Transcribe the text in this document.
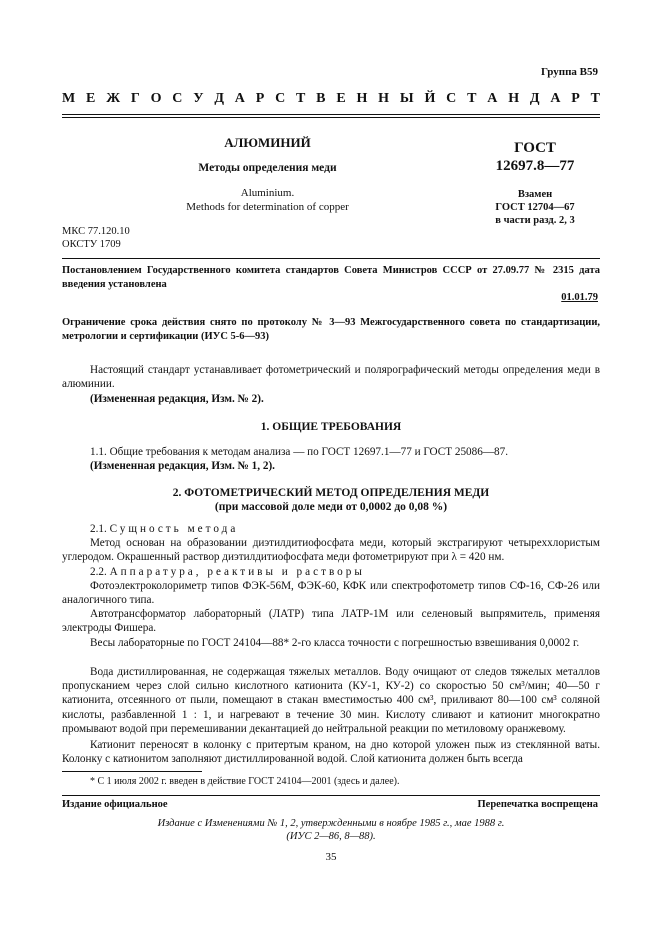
Группа В59
М Е Ж Г О С У Д А Р С Т В Е Н Н Ы Й С Т А Н Д А Р Т
АЛЮМИНИЙ
Методы определения меди
Aluminium.
Methods for determination of copper
ГОСТ
12697.8—77
Взамен
ГОСТ 12704—67
в части разд. 2, 3
МКС 77.120.10
ОКСТУ 1709
Постановлением Государственного комитета стандартов Совета Министров СССР от 27.09.77 № 2315 дата введения установлена
01.01.79
Ограничение срока действия снято по протоколу № 3—93 Межгосударственного совета по стандартизации, метрологии и сертификации (ИУС 5-6—93)
Настоящий стандарт устанавливает фотометрический и полярографический методы определения меди в алюминии.
(Измененная редакция, Изм. № 2).
1. ОБЩИЕ ТРЕБОВАНИЯ
1.1. Общие требования к методам анализа — по ГОСТ 12697.1—77 и ГОСТ 25086—87.
(Измененная редакция, Изм. № 1, 2).
2. ФОТОМЕТРИЧЕСКИЙ МЕТОД ОПРЕДЕЛЕНИЯ МЕДИ
(при массовой доле меди от 0,0002 до 0,08 %)
2.1. Сущность метода
Метод основан на образовании диэтилдитиофосфата меди, который экстрагируют четыреххлористым углеродом. Окрашенный раствор диэтилдитиофосфата меди фотометрируют при λ = 420 нм.
2.2. Аппаратура, реактивы и растворы
Фотоэлектроколориметр типов ФЭК-56М, ФЭК-60, КФК или спектрофотометр типов СФ-16, СФ-26 или аналогичного типа.
Автотрансформатор лабораторный (ЛАТР) типа ЛАТР-1М или селеновый выпрямитель, применяя электроды Фишера.
Весы лабораторные по ГОСТ 24104—88* 2-го класса точности с погрешностью взвешивания 0,0002 г.
Вода дистиллированная, не содержащая тяжелых металлов. Воду очищают от следов тяжелых металлов пропусканием через слой сильно кислотного катионита (КУ-1, КУ-2) со скоростью 50 см³/мин; 40—50 г катионита, отсеянного от пыли, помещают в стакан вместимостью 400 см³, приливают 80—100 см³ соляной кислоты, разбавленной 1 : 1, и нагревают в течение 30 мин. Кислоту сливают и катионит многократно промывают водой при перемешивании декантацией до нейтральной реакции по метиловому оранжевому.
Катионит переносят в колонку с притертым краном, на дно которой уложен пыж из стеклянной ваты. Колонку с катионитом заполняют дистиллированной водой. Слой катионита должен быть всегда
* С 1 июля 2002 г. введен в действие ГОСТ 24104—2001 (здесь и далее).
Издание официальное	Перепечатка воспрещена
Издание с Изменениями № 1, 2, утвержденными в ноябре 1985 г., мае 1988 г.
(ИУС 2—86, 8—88).
35
